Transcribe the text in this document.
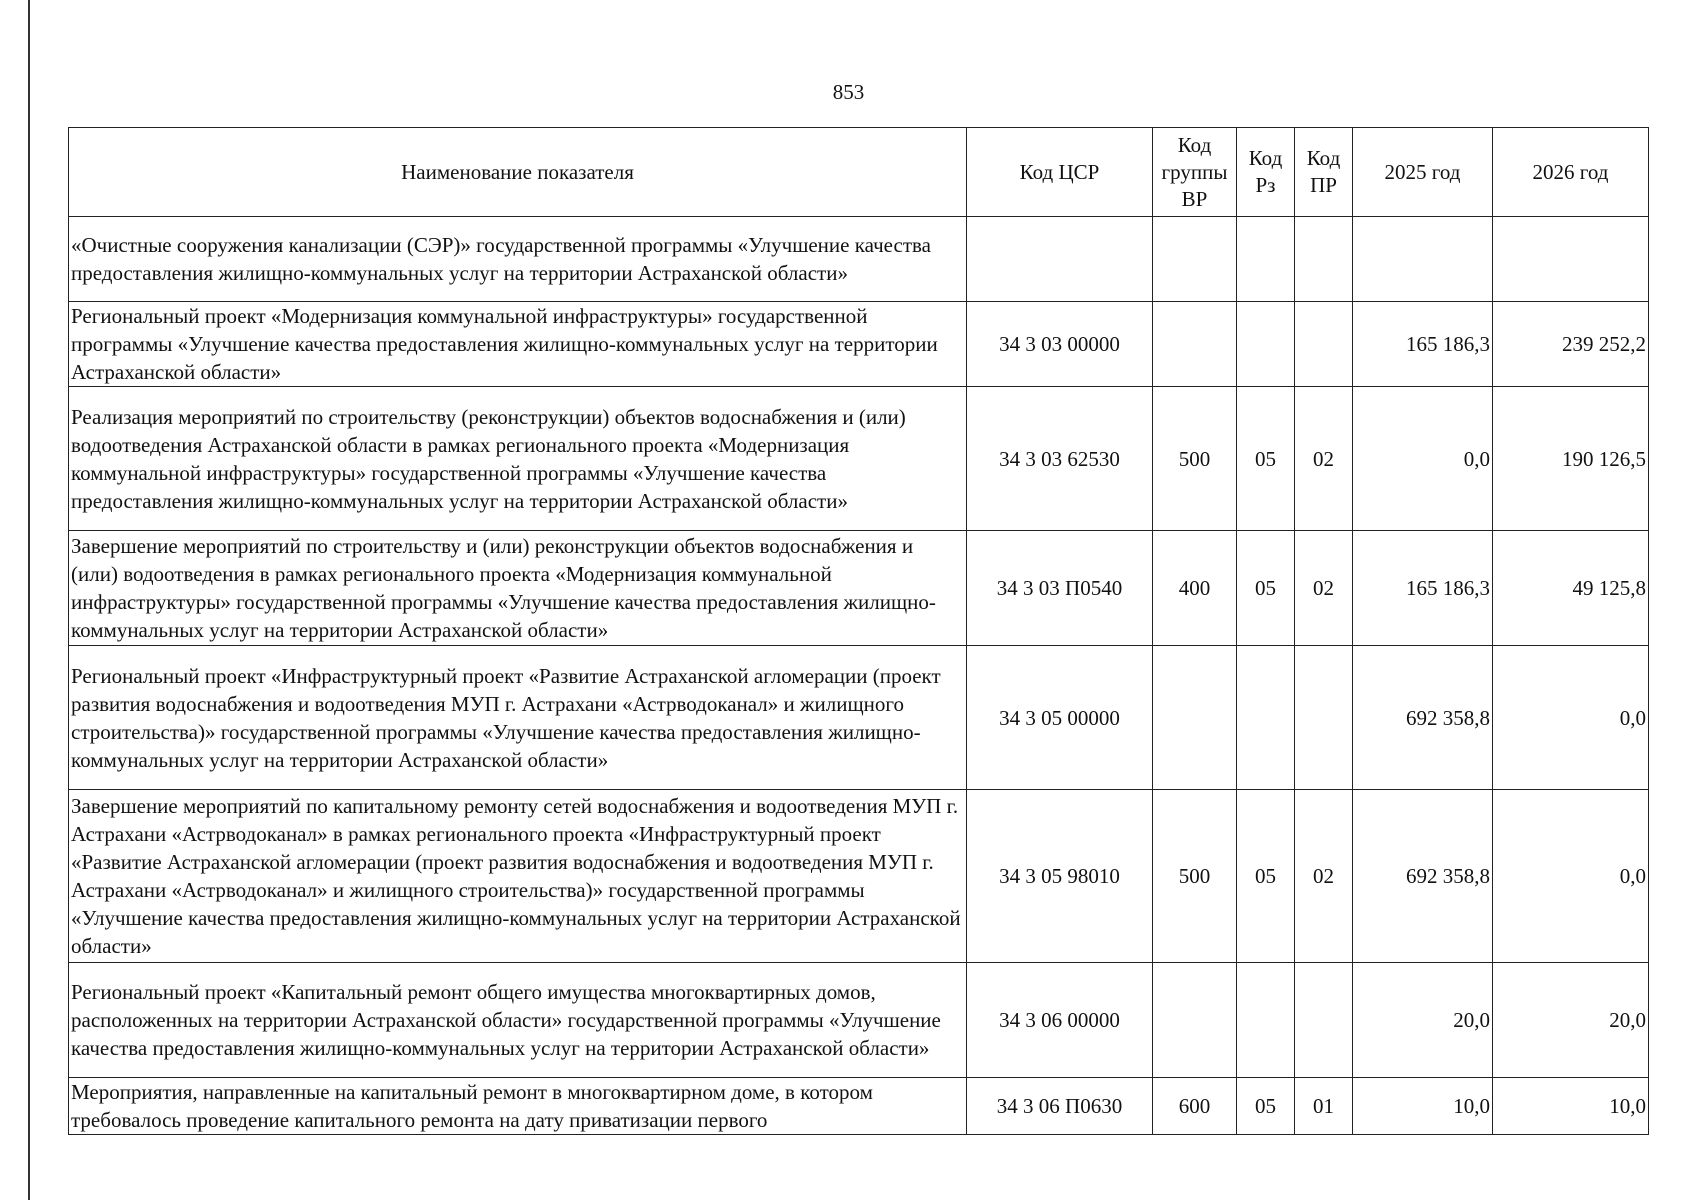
853
Наименование показателя	Код ЦСР	Код группы ВР	Код Рз	Код ПР	2025 год	2026 год
«Очистные сооружения канализации (СЭР)» государственной программы «Улучшение качества предоставления жилищно-коммунальных услуг на территории Астраханской области»						
Региональный проект «Модернизация коммунальной инфраструктуры» государственной программы «Улучшение качества предоставления жилищно-коммунальных услуг на территории Астраханской области»	34 3 03 00000				165 186,3	239 252,2
Реализация мероприятий по строительству (реконструкции) объектов водоснабжения и (или) водоотведения Астраханской области в рамках регионального проекта «Модернизация коммунальной инфраструктуры» государственной программы «Улучшение качества предоставления жилищно-коммунальных услуг на территории Астраханской области»	34 3 03 62530	500	05	02	0,0	190 126,5
Завершение мероприятий по строительству и (или) реконструкции объектов водоснабжения и (или) водоотведения в рамках регионального проекта «Модернизация коммунальной инфраструктуры» государственной программы «Улучшение качества предоставления жилищно-коммунальных услуг на территории Астраханской области»	34 3 03 П0540	400	05	02	165 186,3	49 125,8
Региональный проект «Инфраструктурный проект «Развитие Астраханской агломерации (проект развития водоснабжения и водоотведения МУП г. Астрахани «Астрводоканал» и жилищного строительства)» государственной программы «Улучшение качества предоставления жилищно-коммунальных услуг на территории Астраханской области»	34 3 05 00000				692 358,8	0,0
Завершение мероприятий по капитальному ремонту сетей водоснабжения и водоотведения МУП г. Астрахани «Астрводоканал» в рамках регионального проекта «Инфраструктурный проект «Развитие Астраханской агломерации (проект развития водоснабжения и водоотведения МУП г. Астрахани «Астрводоканал» и жилищного строительства)» государственной программы «Улучшение качества предоставления жилищно-коммунальных услуг на территории Астраханской области»	34 3 05 98010	500	05	02	692 358,8	0,0
Региональный проект «Капитальный ремонт общего имущества многоквартирных домов, расположенных на территории Астраханской области» государственной программы «Улучшение качества предоставления жилищно-коммунальных услуг на территории Астраханской области»	34 3 06 00000				20,0	20,0
Мероприятия, направленные на капитальный ремонт в многоквартирном доме, в котором требовалось проведение капитального ремонта на дату приватизации первого	34 3 06 П0630	600	05	01	10,0	10,0
